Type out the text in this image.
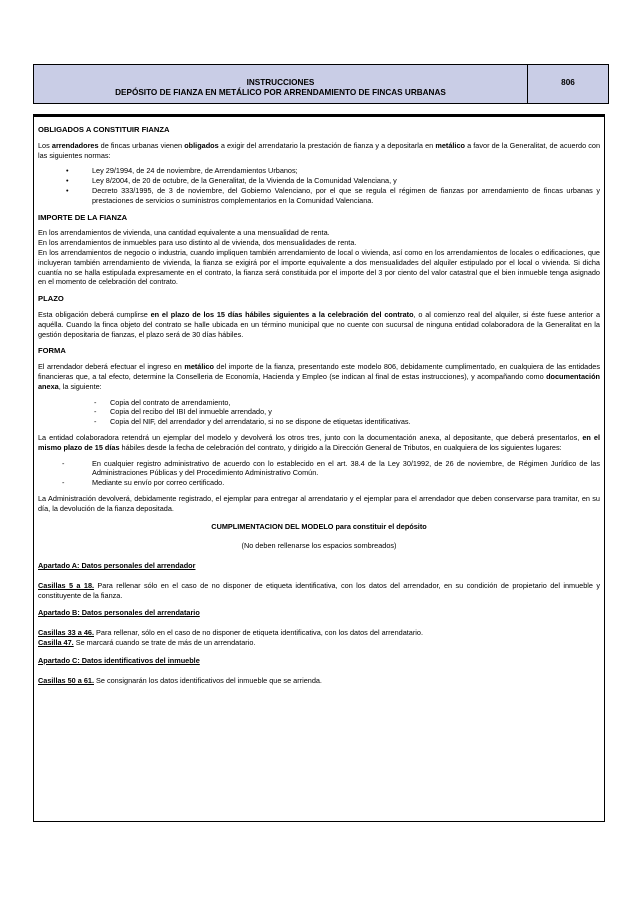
INSTRUCCIONES
DEPÓSITO DE FIANZA EN METÁLICO POR ARRENDAMIENTO DE FINCAS URBANAS
806
OBLIGADOS A CONSTITUIR FIANZA

Los arrendadores de fincas urbanas vienen obligados a exigir del arrendatario la prestación de fianza y a depositarla en metálico a favor de la Generalitat, de acuerdo con las siguientes normas:

• Ley 29/1994, de 24 de noviembre, de Arrendamientos Urbanos;
• Ley 8/2004, de 20 de octubre, de la Generalitat, de la Vivienda de la Comunidad Valenciana, y
• Decreto 333/1995, de 3 de noviembre, del Gobierno Valenciano, por el que se regula el régimen de fianzas por arrendamiento de fincas urbanas y prestaciones de servicios o suministros complementarios en la Comunidad Valenciana.
IMPORTE DE LA FIANZA

En los arrendamientos de vivienda, una cantidad equivalente a una mensualidad de renta.
En los arrendamientos de inmuebles para uso distinto al de vivienda, dos mensualidades de renta.
En los arrendamientos de negocio o industria, cuando impliquen también arrendamiento de local o vivienda, así como en los arrendamientos de locales o edificaciones, que incluyeran también arrendamiento de vivienda, la fianza se exigirá por el importe equivalente a dos mensualidades del alquiler estipulado por el local o vivienda. Si dicha cuantía no se halla estipulada expresamente en el contrato, la fianza será constituida por el importe del 3 por ciento del valor catastral que el bien inmueble tenga asignado en el momento de celebración del contrato.

PLAZO

Esta obligación deberá cumplirse en el plazo de los 15 días hábiles siguientes a la celebración del contrato, o al comienzo real del alquiler, si éste fuese anterior a aquélla. Cuando la finca objeto del contrato se halle ubicada en un término municipal que no cuente con sucursal de ninguna entidad colaboradora de la Generalitat en la gestión depositaria de fianzas, el plazo será de 30 días hábiles.

FORMA

El arrendador deberá efectuar el ingreso en metálico del importe de la fianza, presentando este modelo 806, debidamente cumplimentado, en cualquiera de las entidades financieras que, a tal efecto, determine la Conselleria de Economía, Hacienda y Empleo (se indican al final de estas instrucciones), y acompañando como documentación anexa, la siguiente:

- Copia del contrato de arrendamiento,
- Copia del recibo del IBI del inmueble arrendado, y
- Copia del NIF, del arrendador y del arrendatario, si no se dispone de etiquetas identificativas.

La entidad colaboradora retendrá un ejemplar del modelo y devolverá los otros tres, junto con la documentación anexa, al depositante, que deberá presentarlos, en el mismo plazo de 15 días hábiles desde la fecha de celebración del contrato, y dirigido a la Dirección General de Tributos, en cualquiera de los siguientes lugares:

- En cualquier registro administrativo de acuerdo con lo establecido en el art. 38.4 de la Ley 30/1992, de 26 de noviembre, de Régimen Jurídico de las Administraciones Públicas y del Procedimiento Administrativo Común.
- Mediante su envío por correo certificado.

La Administración devolverá, debidamente registrado, el ejemplar para entregar al arrendatario y el ejemplar para el arrendador que deben conservarse para tramitar, en su día, la devolución de la fianza depositada.

CUMPLIMENTACION DEL MODELO para constituir el depósito
(No deben rellenarse los espacios sombreados)
Apartado A: Datos personales del arrendador

Casillas 5 a 18. Para rellenar sólo en el caso de no disponer de etiqueta identificativa, con los datos del arrendador, en su condición de propietario del inmueble y constituyente de la fianza.

Apartado B: Datos personales del arrendatario

Casillas 33 a 46. Para rellenar, sólo en el caso de no disponer de etiqueta identificativa, con los datos del arrendatario.
Casilla 47. Se marcará cuando se trate de más de un arrendatario.

Apartado C: Datos identificativos del inmueble

Casillas 50 a 61. Se consignarán los datos identificativos del inmueble que se arrienda.
